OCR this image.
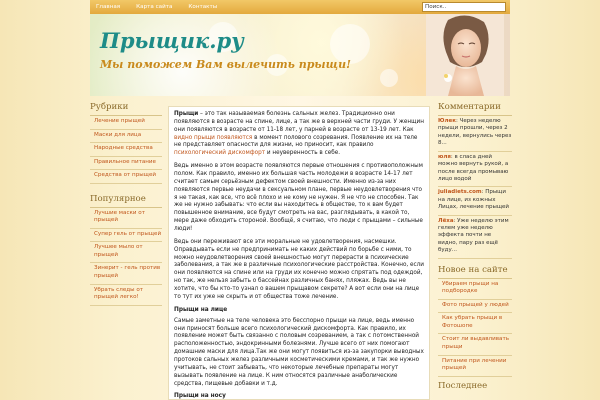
Главная	Карта сайта	Контакты	Поиск..
Прыщик.ру
Мы поможем Вам вылечить прыщи!
Рубрики
Лечение прыщей
Маски для лица
Народные средства
Правильное питание
Средства от прыщей
Популярное
Лучшие маски от прыщей
Супер гель от прыщей
Лучшее мыло от прыщей
Зинерит - гель против прыщей
Убрать следы от прыщей легко!

Прыщи – это так называемая болезнь сальных желез. Традиционно они появляются в возрасте на спине, лице, а так же в верхней части груди. У женщин они появляются в возрасте от 11-18 лет, у парней в возрасте от 13-19 лет. Как видно прыщи появляются в момент полового созревания. Появление их на теле не представляет опасности для жизни, но приносит, как правило психологический дискомфорт и неуверенность в себе.

Ведь именно в этом возрасте появляются первые отношения с противоположным полом. Как правило, именно их большая часть молодежи в возрасте 14-17 лет считает самым серьёзным дефектом своей внешности. Именно из-за них появляются первые неудачи в сексуальном плане, первые неудовлетворения что я не такая, как все, что всё плохо и не кому не нужен. Я не что не способен. Так же не нужно забывать: что если вы находитесь в обществе, то к вам будет повышенное внимание, все будут смотреть на вас, разглядывать, в какой то, мере даже обходить стороной. Вообщё, я считаю, что люди с прыщами – сильные люди!

Ведь они переживают все эти моральные не удовлетворения, насмешки. Оправдывать если не предпринимать не каких действий по борьбе с ними, то можно неудовлетворения своей внешностью могут перерасти в психические заболевания, а так же в различные психологические расстройства. Конечно, если они появляются на спине или на груди их конечно можно спрятать под одеждой, но так, же нельзя забыть о бассейнах различных банях, пляжах. Ведь вы не хотите, что бы кто-то узнал о вашем прыщавом секрете? А вот если они на лице то тут их уже не скрыть и от общества тоже лечение.

Прыщи на лице

Самые заметные на теле человека это бесспорно прыщи на лице, ведь именно они приносят больше всего психологический дискомфорта. Как правило, их появление может быть связанно с половым созреванием, а так с потомственной расположенностью, эндокринными болезнями. Лучше всего от них помогают домашние маски для лица.Так же они могут появиться из-за закупорки выводных протоков сальных желез различными косметическими кремами, и так же нужно учитывать, не стоит забывать, что некоторые лечебные препараты могут вызывать появление на лице. К ним относятся различные анаболические средства, пищевые добавки и т.д.

Прыщи на носу

Комментарии
Юлек: Через неделю прыщи прошли, через 2 недели, вернулись через 8...
юля: в сласа дней можно вернуть рукой, а после всегда промываю лицо водой
juliadiets.com: Прыщи на лице, из кожных Лицах, лечение прыщей
Лёха: Уже неделю этим гелем уже неделю эффекта почти не видно, пару раз ещё буду...
Новое на сайте
Убираем прыщи на подбородке
Фото прыщей у людей
Как убрать прыщи в Фотошопе
Стоит ли выдавливать прыщи
Питание при лечении прыщей
Последнее
